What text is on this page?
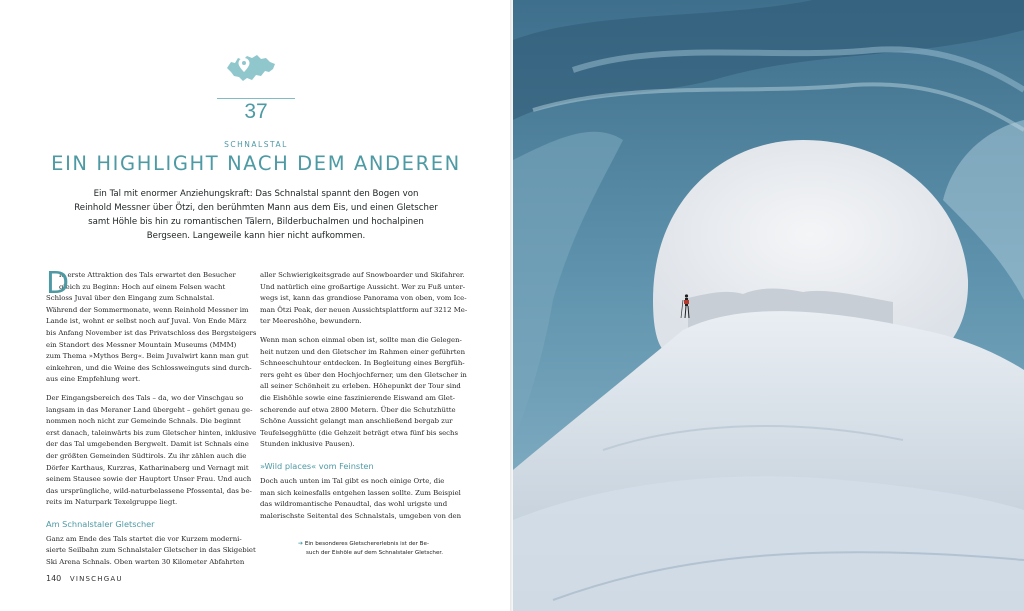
37
SCHNALSTAL
EIN HIGHLIGHT NACH DEM ANDEREN
Ein Tal mit enormer Anziehungskraft: Das Schnalstal spannt den Bogen von
Reinhold Messner über Ötzi, den berühmten Mann aus dem Eis, und einen Gletscher
samt Höhle bis hin zu romantischen Tälern, Bilderbuchalmen und hochalpinen
Bergseen. Langeweile kann hier nicht aufkommen.
D
ie erste Attraktion des Tals erwartet den Besucher
gleich zu Beginn: Hoch auf einem Felsen wacht
Schloss Juval über den Eingang zum Schnalstal.
Während der Sommermonate, wenn Reinhold Messner im
Lande ist, wohnt er selbst noch auf Juval. Von Ende März
bis Anfang November ist das Privatschloss des Bergsteigers
ein Standort des Messner Mountain Museums (MMM)
zum Thema »Mythos Berg«. Beim Juvalwirt kann man gut
einkehren, und die Weine des Schlossweinguts sind durch-
aus eine Empfehlung wert.
Der Eingangsbereich des Tals – da, wo der Vinschgau so
langsam in das Meraner Land übergeht – gehört genau ge-
nommen noch nicht zur Gemeinde Schnals. Die beginnt
erst danach, taleinwärts bis zum Gletscher hinten, inklusive
der das Tal umgebenden Bergwelt. Damit ist Schnals eine
der größten Gemeinden Südtirols. Zu ihr zählen auch die
Dörfer Karthaus, Kurzras, Katharinaberg und Vernagt mit
seinem Stausee sowie der Hauptort Unser Frau. Und auch
das ursprüngliche, wild-naturbelassene Pfossental, das be-
reits im Naturpark Texelgruppe liegt.
Am Schnalstaler Gletscher
Ganz am Ende des Tals startet die vor Kurzem moderni-
sierte Seilbahn zum Schnalstaler Gletscher in das Skigebiet
Ski Arena Schnals. Oben warten 30 Kilometer Abfahrten
aller Schwierigkeitsgrade auf Snowboarder und Skifahrer.
Und natürlich eine großartige Aussicht. Wer zu Fuß unter-
wegs ist, kann das grandiose Panorama von oben, vom Ice-
man Ötzi Peak, der neuen Aussichtsplattform auf 3212 Me-
ter Meereshöhe, bewundern.
Wenn man schon einmal oben ist, sollte man die Gelegen-
heit nutzen und den Gletscher im Rahmen einer geführten
Schneeschuhtour entdecken. In Begleitung eines Bergfüh-
rers geht es über den Hochjochferner, um den Gletscher in
all seiner Schönheit zu erleben. Höhepunkt der Tour sind
die Eishöhle sowie eine faszinierende Eiswand am Glet-
scherende auf etwa 2800 Metern. Über die Schutzhütte
Schöne Aussicht gelangt man anschließend bergab zur
Teufelsegghütte (die Gehzeit beträgt etwa fünf bis sechs
Stunden inklusive Pausen).
»Wild places« vom Feinsten
Doch auch unten im Tal gibt es noch einige Orte, die
man sich keinesfalls entgehen lassen sollte. Zum Beispiel
das wildromantische Penaudtal, das wohl urigste und
malerischste Seitental des Schnalstals, umgeben von den
➔ Ein besonderes Gletschererlebnis ist der Be-
such der Eishöle auf dem Schnalstaler Gletscher.
140 VINSCHGAU
